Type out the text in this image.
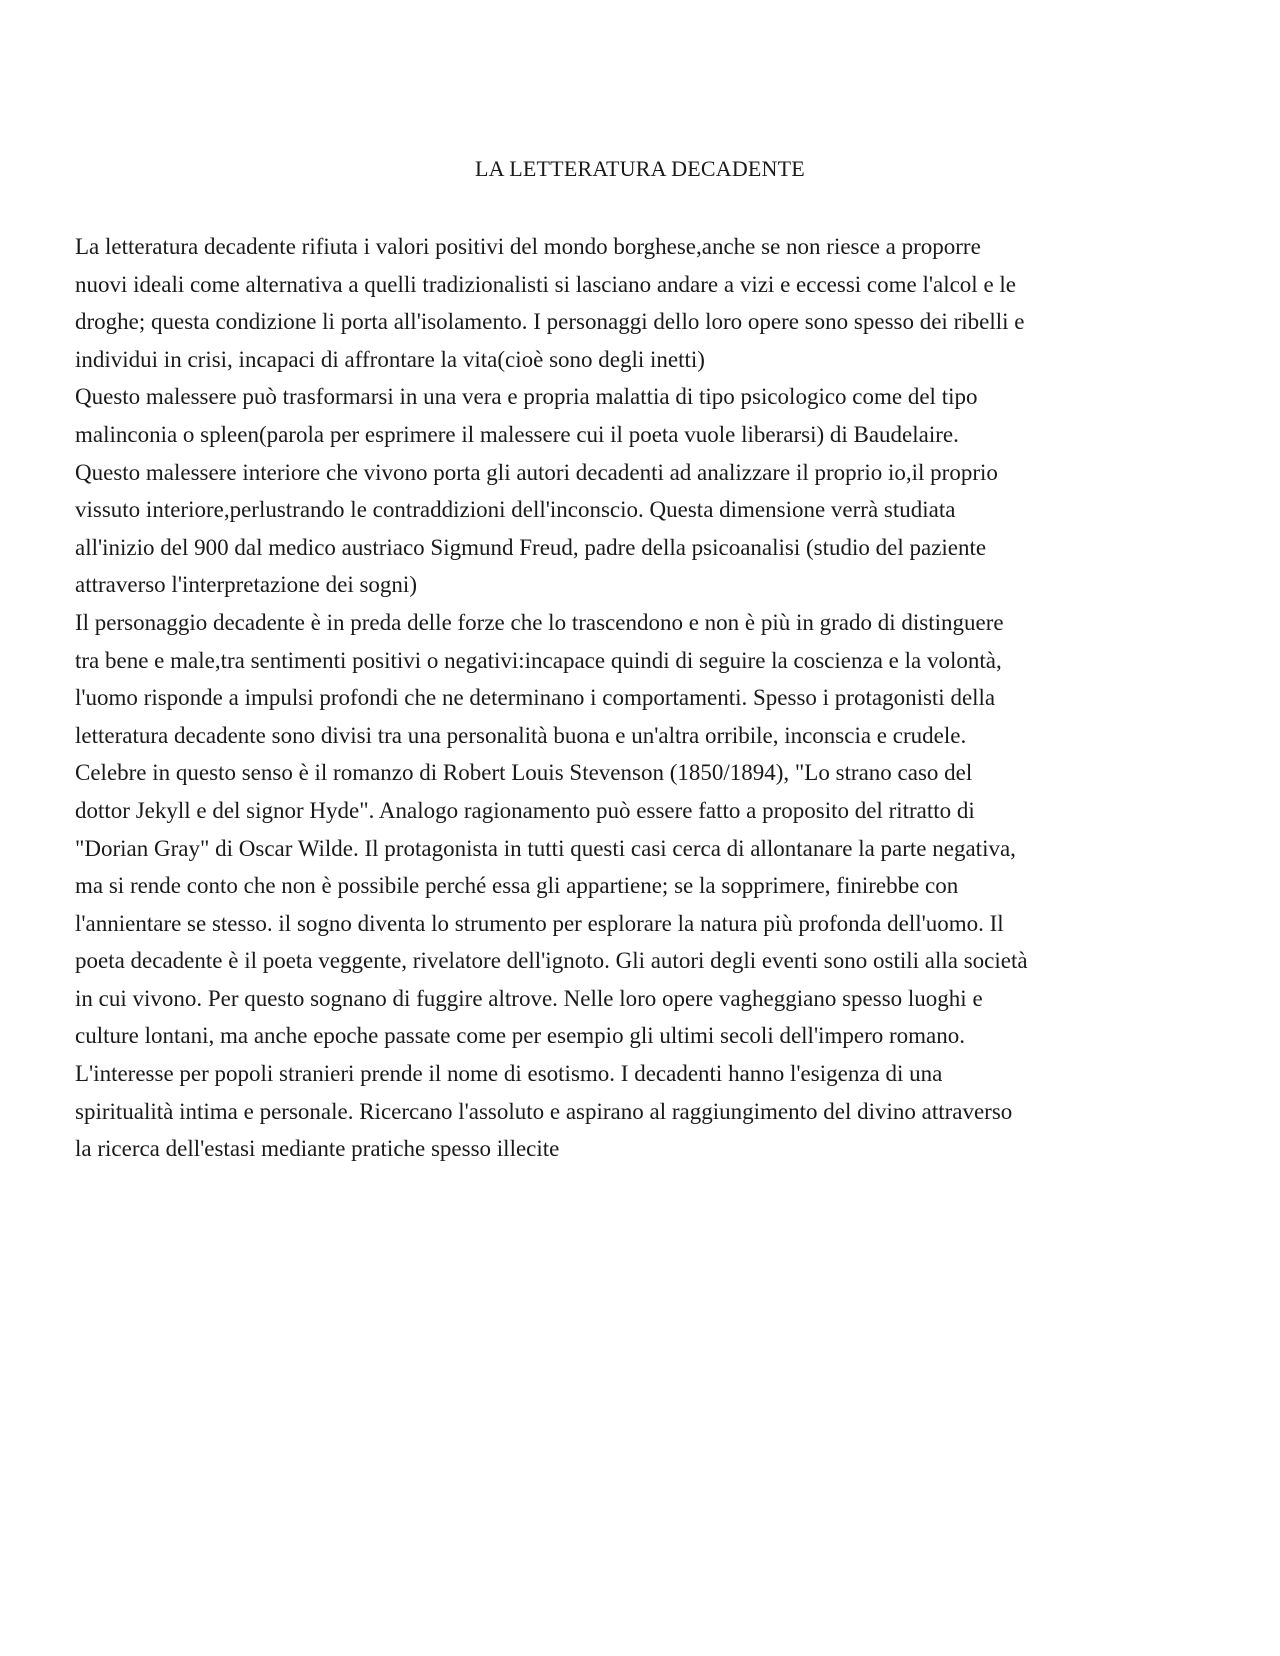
LA LETTERATURA DECADENTE
La letteratura decadente rifiuta i valori positivi del mondo borghese,anche se non riesce a proporre
nuovi ideali come alternativa a quelli tradizionalisti si lasciano andare a vizi e eccessi come l'alcol e le
droghe; questa condizione li porta all'isolamento. I personaggi dello loro opere sono spesso dei ribelli e
individui in crisi, incapaci di affrontare la vita(cioè sono degli inetti)
Questo malessere può trasformarsi in una vera e propria malattia di tipo psicologico come del tipo
malinconia o spleen(parola per esprimere il malessere cui il poeta vuole liberarsi) di Baudelaire.
Questo malessere interiore che vivono porta gli autori decadenti ad analizzare il proprio io,il proprio
vissuto interiore,perlustrando le contraddizioni dell'inconscio. Questa dimensione verrà studiata
all'inizio del 900 dal medico austriaco Sigmund Freud, padre della psicoanalisi (studio del paziente
attraverso l'interpretazione dei sogni)
Il personaggio decadente è in preda delle forze che lo trascendono e non è più in grado di distinguere
tra bene e male,tra sentimenti positivi o negativi:incapace quindi di seguire la coscienza e la volontà,
l'uomo risponde a impulsi profondi che ne determinano i comportamenti. Spesso i protagonisti della
letteratura decadente sono divisi tra una personalità buona e un'altra orribile, inconscia e crudele.
Celebre in questo senso è il romanzo di Robert Louis Stevenson (1850/1894), "Lo strano caso del
dottor Jekyll e del signor Hyde". Analogo ragionamento può essere fatto a proposito del ritratto di
"Dorian Gray" di Oscar Wilde. Il protagonista in tutti questi casi cerca di allontanare la parte negativa,
ma si rende conto che non è possibile perché essa gli appartiene; se la sopprimere, finirebbe con
l'annientare se stesso. il sogno diventa lo strumento per esplorare la natura più profonda dell'uomo. Il
poeta decadente è il poeta veggente, rivelatore dell'ignoto. Gli autori degli eventi sono ostili alla società
in cui vivono. Per questo sognano di fuggire altrove. Nelle loro opere vagheggiano spesso luoghi e
culture lontani, ma anche epoche passate come per esempio gli ultimi secoli dell'impero romano.
L'interesse per popoli stranieri prende il nome di esotismo. I decadenti hanno l'esigenza di una
spiritualità intima e personale. Ricercano l'assoluto e aspirano al raggiungimento del divino attraverso
la ricerca dell'estasi mediante pratiche spesso illecite
